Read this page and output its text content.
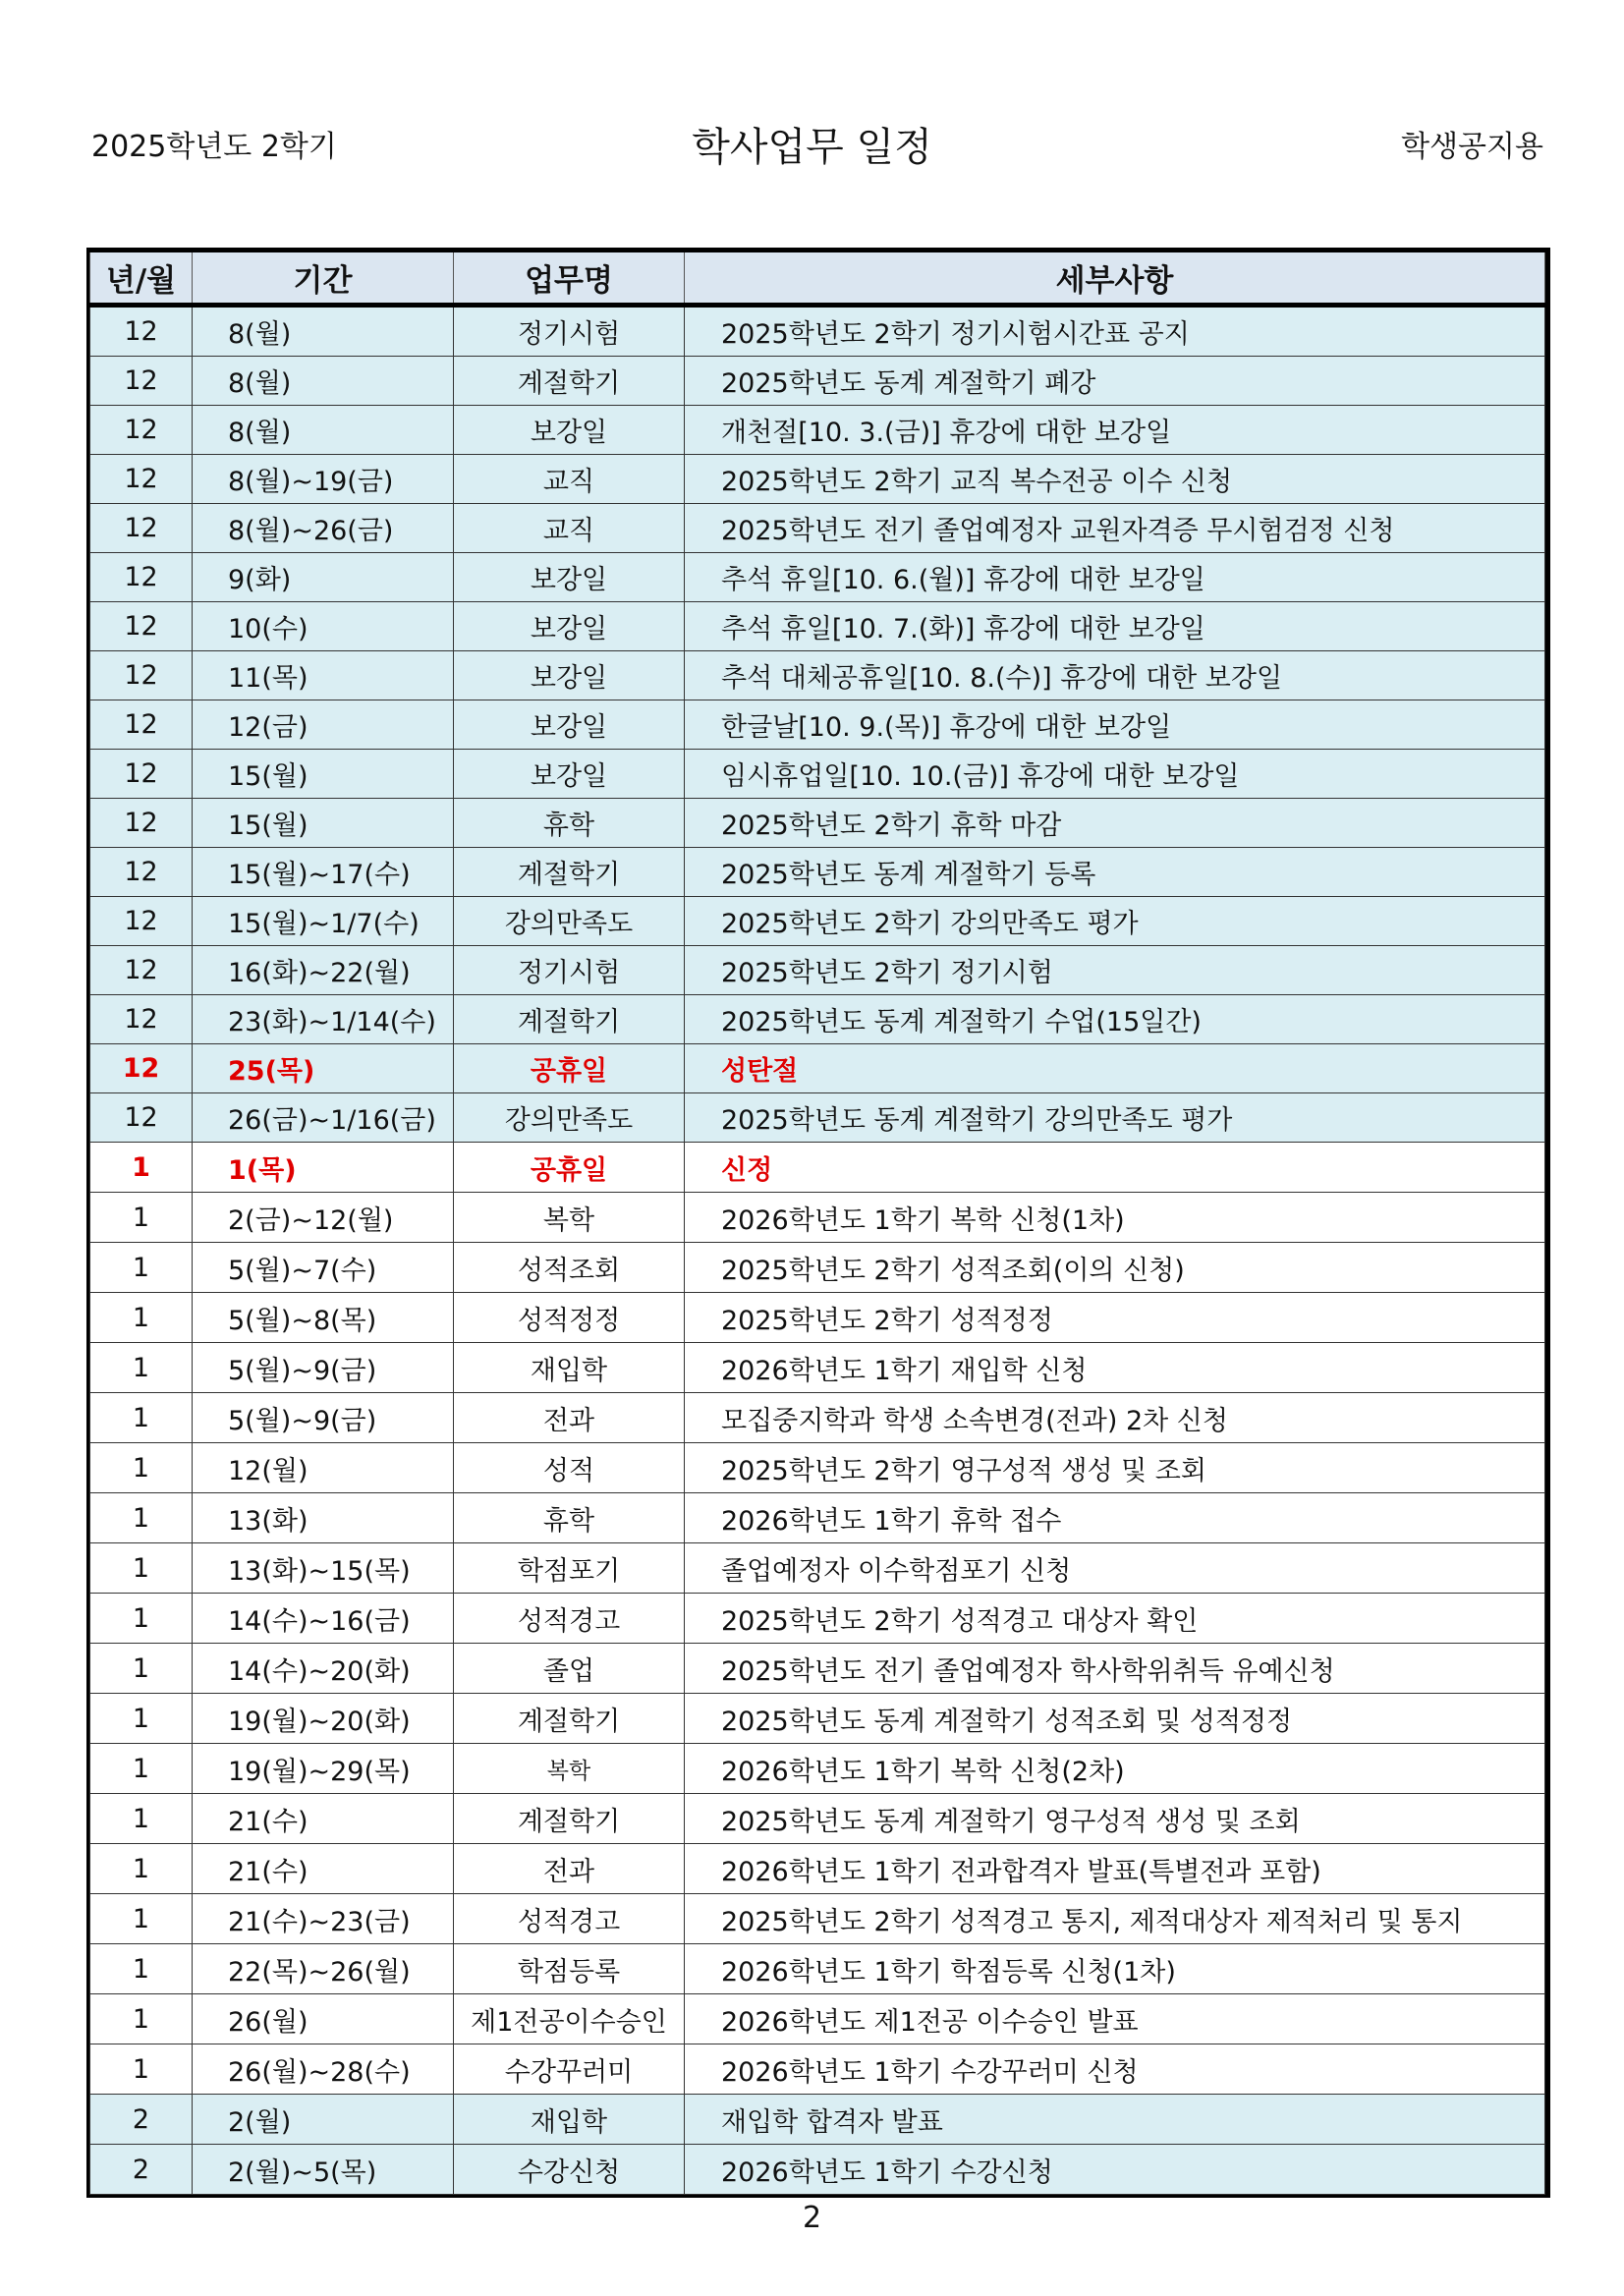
2025학년도 2학기	학사업무 일정	학생공지용
년/월	기간	업무명	세부사항
12	8(월)	정기시험	2025학년도 2학기 정기시험시간표 공지
12	8(월)	계절학기	2025학년도 동계 계절학기 폐강
12	8(월)	보강일	개천절[10. 3.(금)] 휴강에 대한 보강일
12	8(월)~19(금)	교직	2025학년도 2학기 교직 복수전공 이수 신청
12	8(월)~26(금)	교직	2025학년도 전기 졸업예정자 교원자격증 무시험검정 신청
12	9(화)	보강일	추석 휴일[10. 6.(월)] 휴강에 대한 보강일
12	10(수)	보강일	추석 휴일[10. 7.(화)] 휴강에 대한 보강일
12	11(목)	보강일	추석 대체공휴일[10. 8.(수)] 휴강에 대한 보강일
12	12(금)	보강일	한글날[10. 9.(목)] 휴강에 대한 보강일
12	15(월)	보강일	임시휴업일[10. 10.(금)] 휴강에 대한 보강일
12	15(월)	휴학	2025학년도 2학기 휴학 마감
12	15(월)~17(수)	계절학기	2025학년도 동계 계절학기 등록
12	15(월)~1/7(수)	강의만족도	2025학년도 2학기 강의만족도 평가
12	16(화)~22(월)	정기시험	2025학년도 2학기 정기시험
12	23(화)~1/14(수)	계절학기	2025학년도 동계 계절학기 수업(15일간)
12	25(목)	공휴일	성탄절
12	26(금)~1/16(금)	강의만족도	2025학년도 동계 계절학기 강의만족도 평가
1	1(목)	공휴일	신정
1	2(금)~12(월)	복학	2026학년도 1학기 복학 신청(1차)
1	5(월)~7(수)	성적조회	2025학년도 2학기 성적조회(이의 신청)
1	5(월)~8(목)	성적정정	2025학년도 2학기 성적정정
1	5(월)~9(금)	재입학	2026학년도 1학기 재입학 신청
1	5(월)~9(금)	전과	모집중지학과 학생 소속변경(전과) 2차 신청
1	12(월)	성적	2025학년도 2학기 영구성적 생성 및 조회
1	13(화)	휴학	2026학년도 1학기 휴학 접수
1	13(화)~15(목)	학점포기	졸업예정자 이수학점포기 신청
1	14(수)~16(금)	성적경고	2025학년도 2학기 성적경고 대상자 확인
1	14(수)~20(화)	졸업	2025학년도 전기 졸업예정자 학사학위취득 유예신청
1	19(월)~20(화)	계절학기	2025학년도 동계 계절학기 성적조회 및 성적정정
1	19(월)~29(목)	복학	2026학년도 1학기 복학 신청(2차)
1	21(수)	계절학기	2025학년도 동계 계절학기 영구성적 생성 및 조회
1	21(수)	전과	2026학년도 1학기 전과합격자 발표(특별전과 포함)
1	21(수)~23(금)	성적경고	2025학년도 2학기 성적경고 통지, 제적대상자 제적처리 및 통지
1	22(목)~26(월)	학점등록	2026학년도 1학기 학점등록 신청(1차)
1	26(월)	제1전공이수승인	2026학년도 제1전공 이수승인 발표
1	26(월)~28(수)	수강꾸러미	2026학년도 1학기 수강꾸러미 신청
2	2(월)	재입학	재입학 합격자 발표
2	2(월)~5(목)	수강신청	2026학년도 1학기 수강신청
2
